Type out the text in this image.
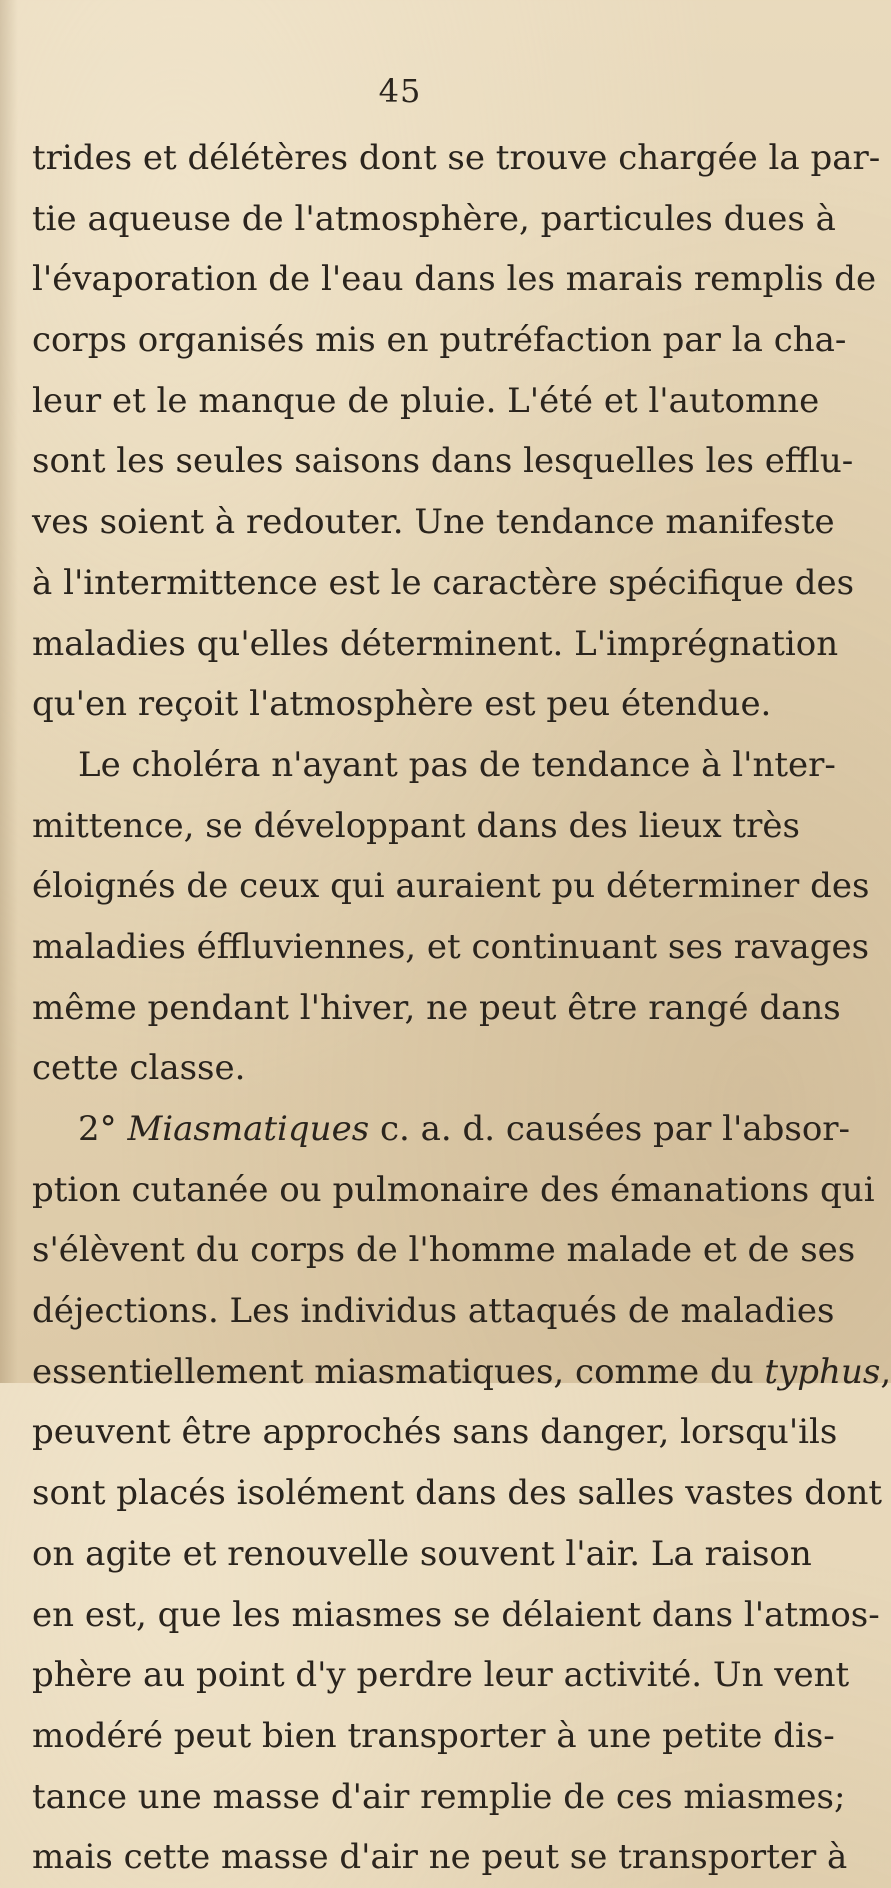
45
trides et délétères dont se trouve chargée la par-
tie aqueuse de l'atmosphère, particules dues à
l'évaporation de l'eau dans les marais remplis de
corps organisés mis en putréfaction par la cha-
leur et le manque de pluie. L'été et l'automne
sont les seules saisons dans lesquelles les efflu-
ves soient à redouter. Une tendance manifeste
à l'intermittence est le caractère spécifique des
maladies qu'elles déterminent. L'imprégnation
qu'en reçoit l'atmosphère est peu étendue.
Le choléra n'ayant pas de tendance à l'nter-
mittence, se développant dans des lieux très
éloignés de ceux qui auraient pu déterminer des
maladies éffluviennes, et continuant ses ravages
même pendant l'hiver, ne peut être rangé dans
cette classe.
2° Miasmatiques c. a. d. causées par l'absor-
ption cutanée ou pulmonaire des émanations qui
s'élèvent du corps de l'homme malade et de ses
déjections. Les individus attaqués de maladies
essentiellement miasmatiques, comme du typhus,
peuvent être approchés sans danger, lorsqu'ils
sont placés isolément dans des salles vastes dont
on agite et renouvelle souvent l'air. La raison
en est, que les miasmes se délaient dans l'atmos-
phère au point d'y perdre leur activité. Un vent
modéré peut bien transporter à une petite dis-
tance une masse d'air remplie de ces miasmes;
mais cette masse d'air ne peut se transporter à
